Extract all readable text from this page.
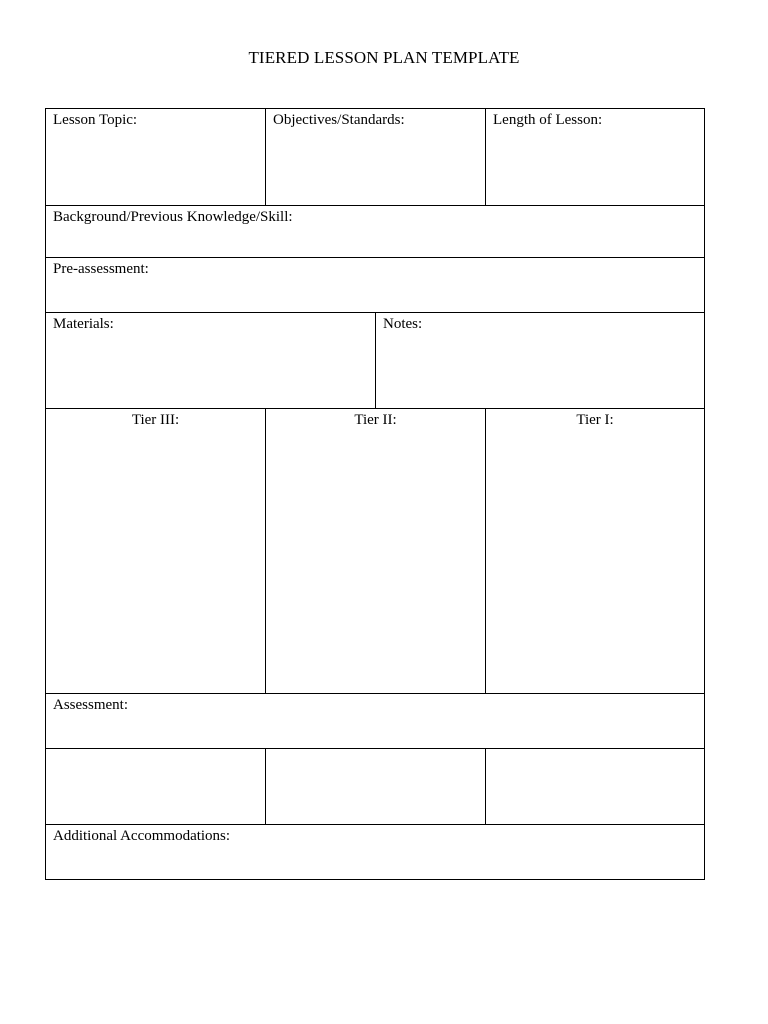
TIERED LESSON PLAN TEMPLATE
Lesson Topic:	Objectives/Standards:	Length of Lesson:
Background/Previous Knowledge/Skill:
Pre-assessment:
Materials:	Notes:
Tier III:	Tier II:	Tier I:
Assessment:
Additional Accommodations:
